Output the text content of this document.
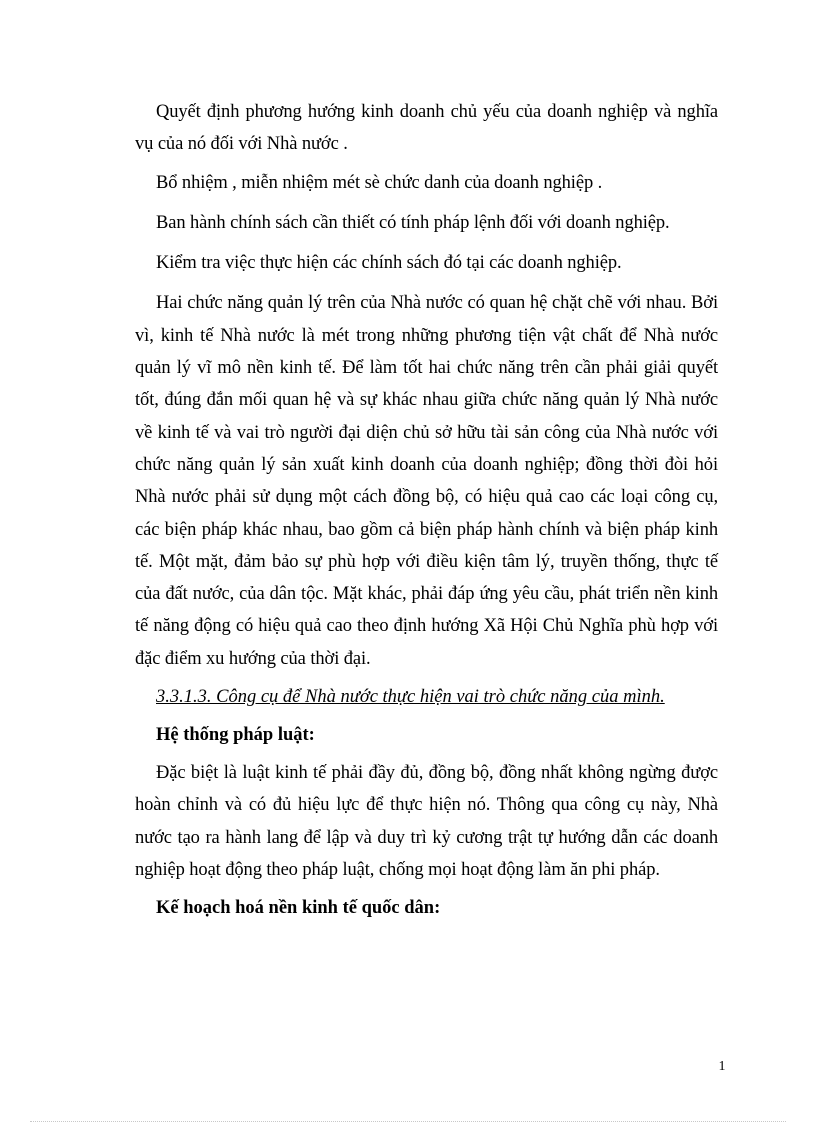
Quyết định phương hướng kinh doanh chủ yếu của doanh nghiệp và nghĩa vụ của nó đối với Nhà nước .

Bổ nhiệm , miễn nhiệm mét sè chức danh của doanh nghiệp .

Ban hành chính sách cần thiết có tính pháp lệnh đối với doanh nghiệp.

Kiểm tra việc thực hiện các chính sách đó tại các doanh nghiệp.

Hai chức năng quản lý trên của Nhà nước có quan hệ chặt chẽ với nhau. Bởi vì, kinh tế Nhà nước là mét trong những phương tiện vật chất để Nhà nước quản lý vĩ mô nền kinh tế. Để làm tốt hai chức năng trên cần phải giải quyết tốt, đúng đắn mối quan hệ và sự khác nhau giữa chức năng quản lý Nhà nước về kinh tế và vai trò người đại diện chủ sở hữu tài sản công của Nhà nước với chức năng quản lý sản xuất kinh doanh của doanh nghiệp; đồng thời đòi hỏi Nhà nước phải sử dụng một cách đồng bộ, có hiệu quả cao các loại công cụ, các biện pháp khác nhau, bao gồm cả biện pháp hành chính và biện pháp kinh tế. Một mặt, đảm bảo sự phù hợp với điều kiện tâm lý, truyền thống, thực tế của đất nước, của dân tộc. Mặt khác, phải đáp ứng yêu cầu, phát triển nền kinh tế năng động có hiệu quả cao theo định hướng Xã Hội Chủ Nghĩa phù hợp với đặc điểm xu hướng của thời đại.

3.3.1.3. Công cụ để Nhà nước thực hiện vai trò chức năng của mình.

Hệ thống pháp luật:

Đặc biệt là luật kinh tế phải đầy đủ, đồng bộ, đồng nhất không ngừng được hoàn chỉnh và có đủ hiệu lực để thực hiện nó. Thông qua công cụ này, Nhà nước tạo ra hành lang để lập và duy trì kỷ cương trật tự hướng dẫn các doanh nghiệp hoạt động theo pháp luật, chống mọi hoạt động làm ăn phi pháp.

Kế hoạch hoá nền kinh tế quốc dân:

1
